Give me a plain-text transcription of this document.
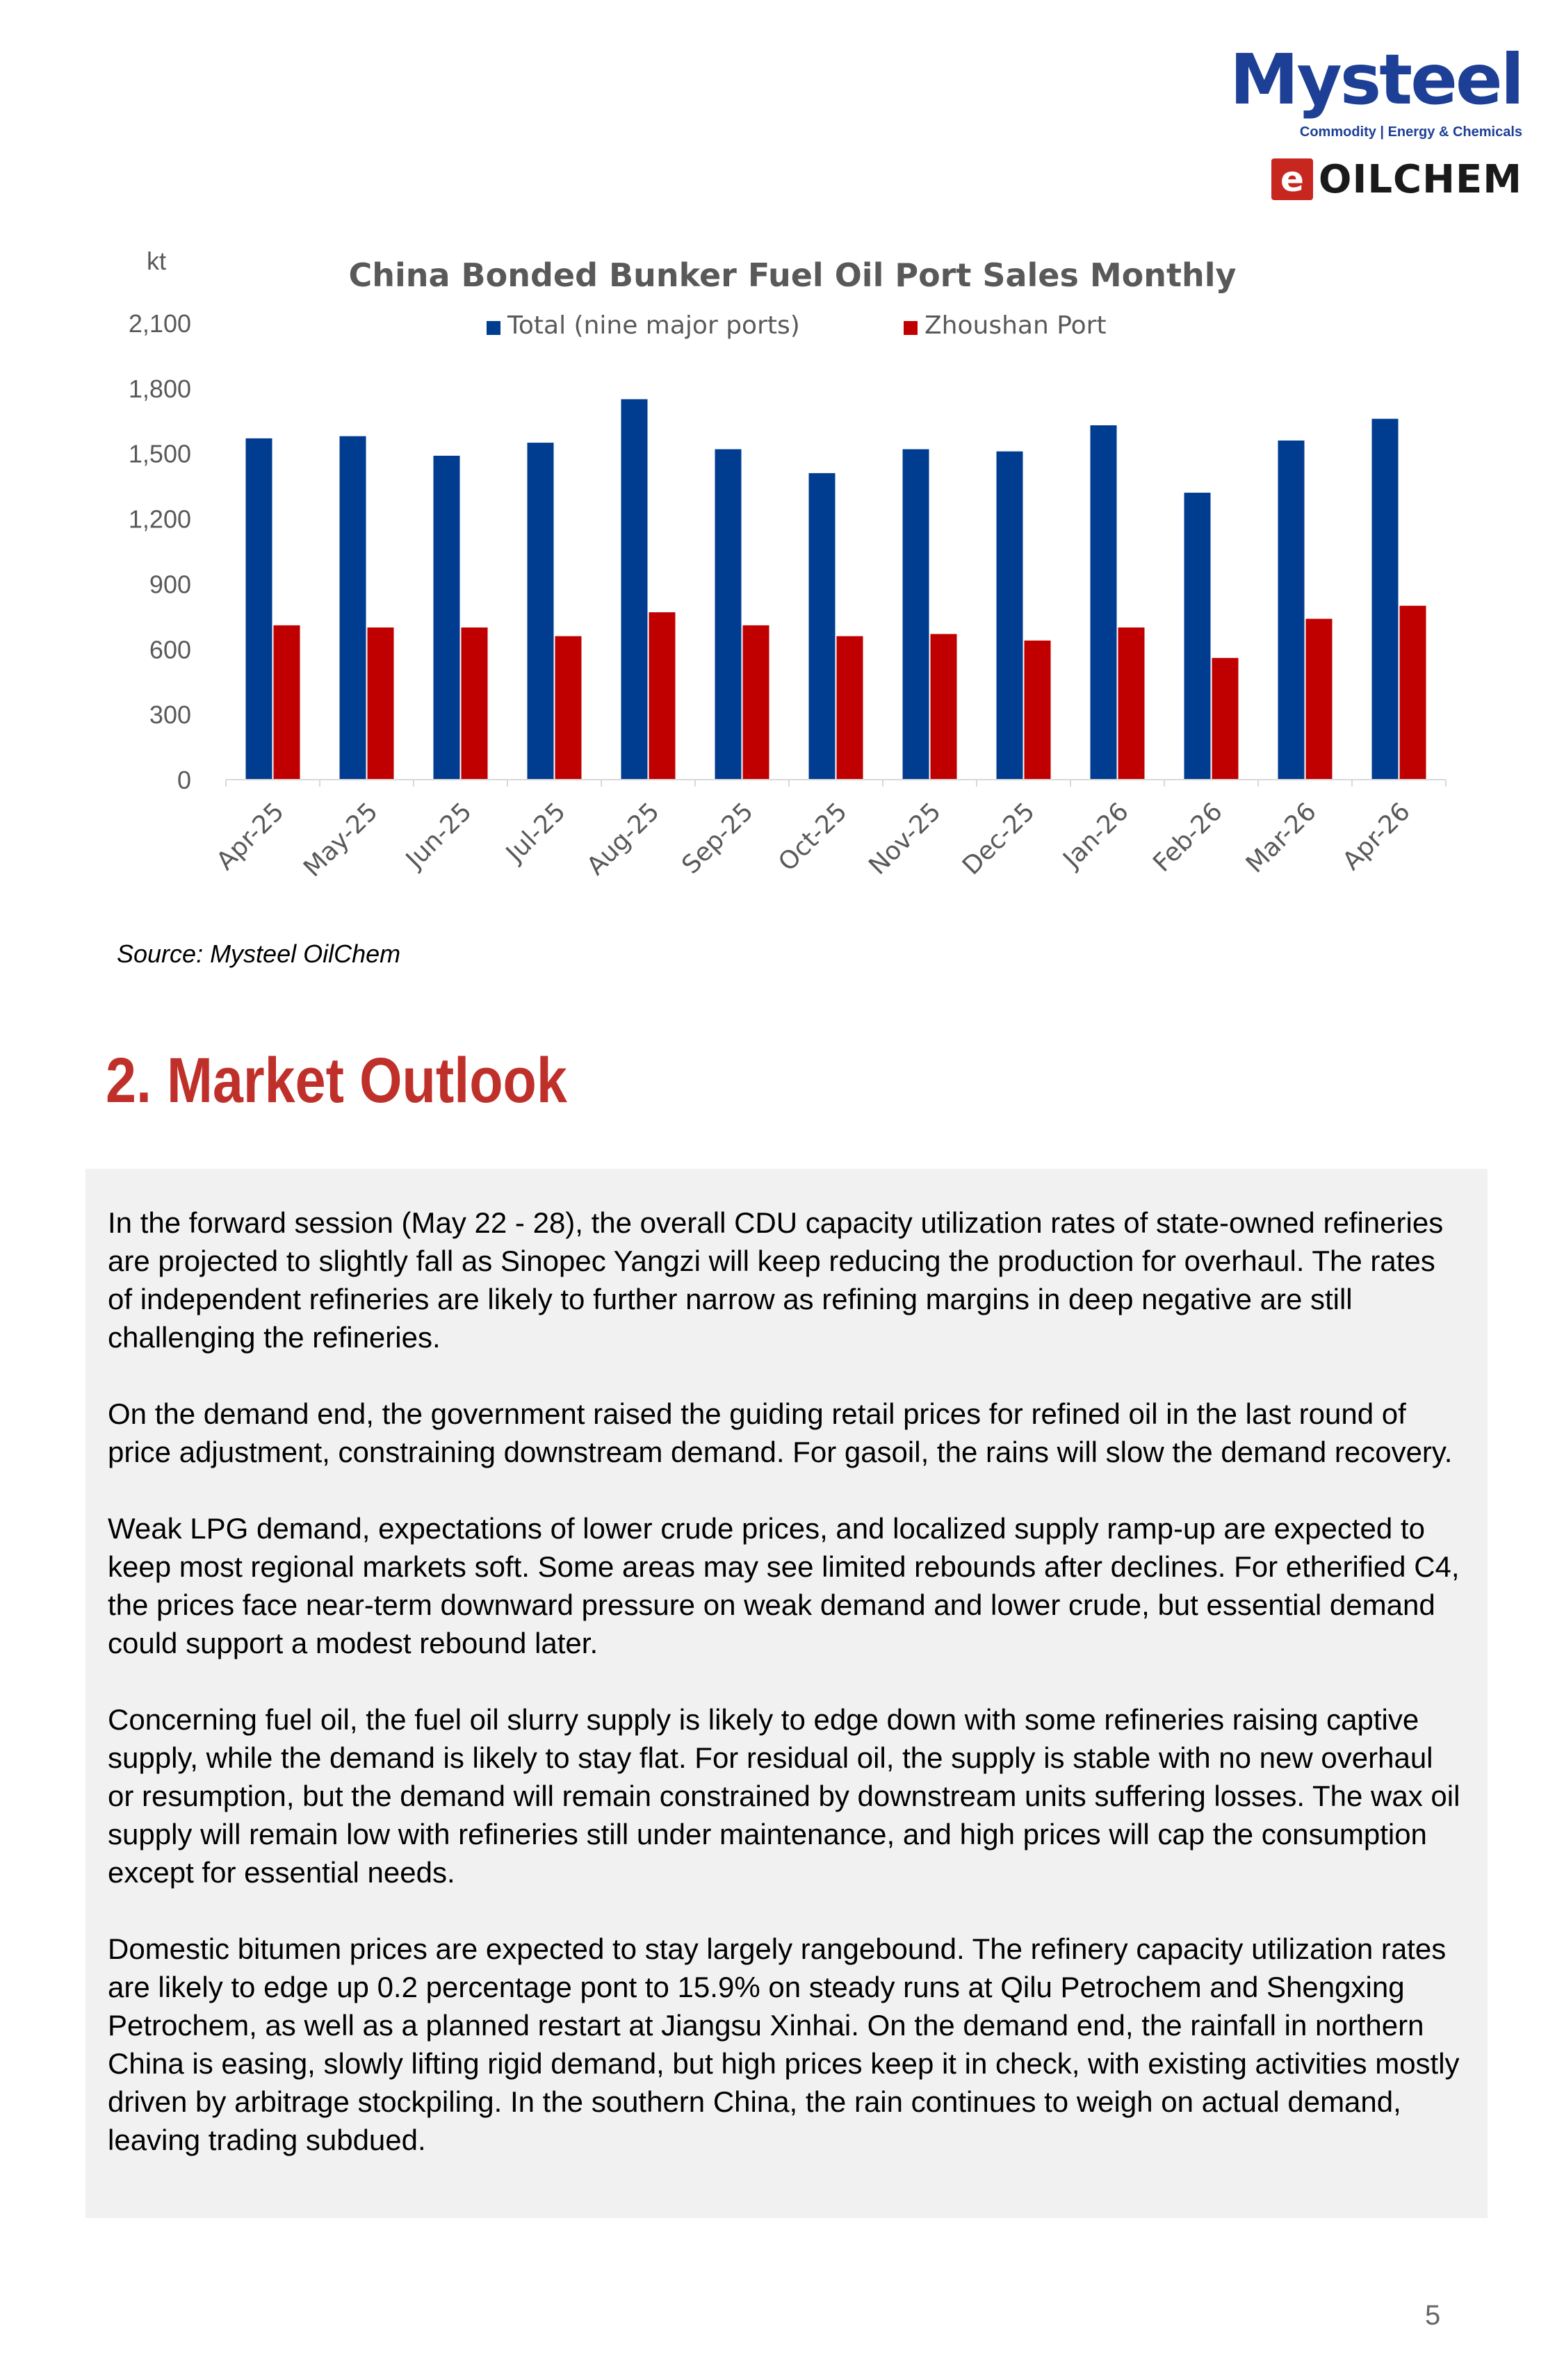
Mysteel
Commodity | Energy & Chemicals
e OILCHEM
China Bonded Bunker Fuel Oil Port Sales Monthly
kt
Total (nine major ports)	Zhoushan Port
0
300
600
900
1,200
1,500
1,800
2,100
Apr-25 May-25 Jun-25 Jul-25 Aug-25 Sep-25 Oct-25 Nov-25 Dec-25 Jan-26 Feb-26 Mar-26 Apr-26
Source: Mysteel OilChem
2. Market Outlook

In the forward session (May 22 - 28), the overall CDU capacity utilization rates of state-owned refineries are projected to slightly fall as Sinopec Yangzi will keep reducing the production for overhaul. The rates of independent refineries are likely to further narrow as refining margins in deep negative are still challenging the refineries.

On the demand end, the government raised the guiding retail prices for refined oil in the last round of price adjustment, constraining downstream demand. For gasoil, the rains will slow the demand recovery.

Weak LPG demand, expectations of lower crude prices, and localized supply ramp-up are expected to keep most regional markets soft. Some areas may see limited rebounds after declines. For etherified C4, the prices face near-term downward pressure on weak demand and lower crude, but essential demand could support a modest rebound later.

Concerning fuel oil, the fuel oil slurry supply is likely to edge down with some refineries raising captive supply, while the demand is likely to stay flat. For residual oil, the supply is stable with no new overhaul or resumption, but the demand will remain constrained by downstream units suffering losses. The wax oil supply will remain low with refineries still under maintenance, and high prices will cap the consumption except for essential needs.

Domestic bitumen prices are expected to stay largely rangebound. The refinery capacity utilization rates are likely to edge up 0.2 percentage pont to 15.9% on steady runs at Qilu Petrochem and Shengxing Petrochem, as well as a planned restart at Jiangsu Xinhai. On the demand end, the rainfall in northern China is easing, slowly lifting rigid demand, but high prices keep it in check, with existing activities mostly driven by arbitrage stockpiling. In the southern China, the rain continues to weigh on actual demand, leaving trading subdued.

5
